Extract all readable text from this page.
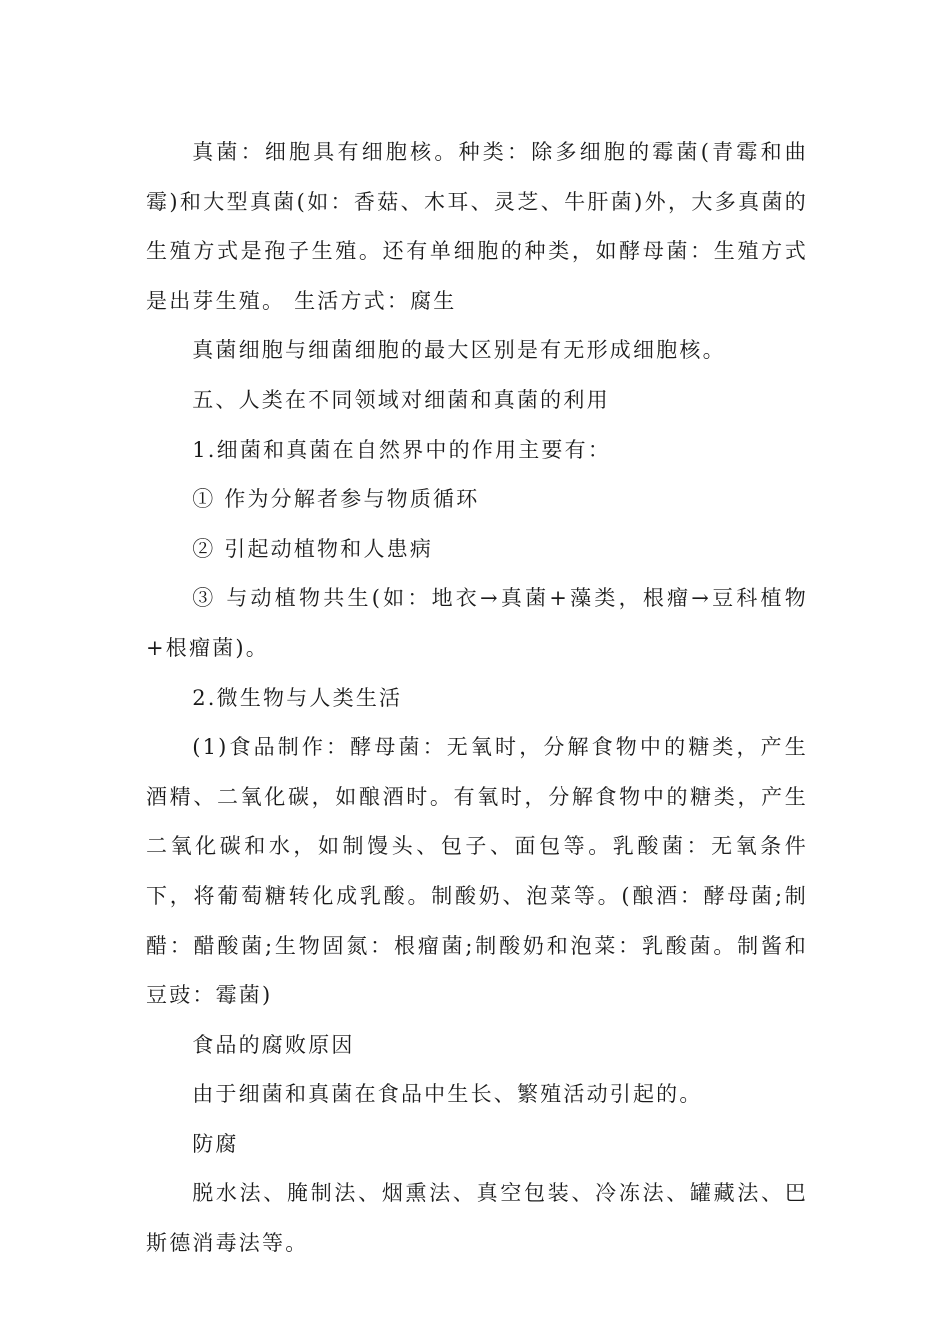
真菌：细胞具有细胞核。种类：除多细胞的霉菌(青霉和曲霉)和大型真菌(如：香菇、木耳、灵芝、牛肝菌)外，大多真菌的生殖方式是孢子生殖。还有单细胞的种类，如酵母菌：生殖方式是出芽生殖。 生活方式：腐生

真菌细胞与细菌细胞的最大区别是有无形成细胞核。

五、人类在不同领域对细菌和真菌的利用

1.细菌和真菌在自然界中的作用主要有：

① 作为分解者参与物质循环

② 引起动植物和人患病

③ 与动植物共生(如：地衣→真菌+藻类，根瘤→豆科植物+根瘤菌)。

2.微生物与人类生活

(1)食品制作：酵母菌：无氧时，分解食物中的糖类，产生酒精、二氧化碳，如酿酒时。有氧时，分解食物中的糖类，产生二氧化碳和水，如制馒头、包子、面包等。乳酸菌：无氧条件下，将葡萄糖转化成乳酸。制酸奶、泡菜等。(酿酒：酵母菌;制醋：醋酸菌;生物固氮：根瘤菌;制酸奶和泡菜：乳酸菌。制酱和豆豉：霉菌)

食品的腐败原因

由于细菌和真菌在食品中生长、繁殖活动引起的。

防腐

脱水法、腌制法、烟熏法、真空包装、冷冻法、罐藏法、巴斯德消毒法等。
